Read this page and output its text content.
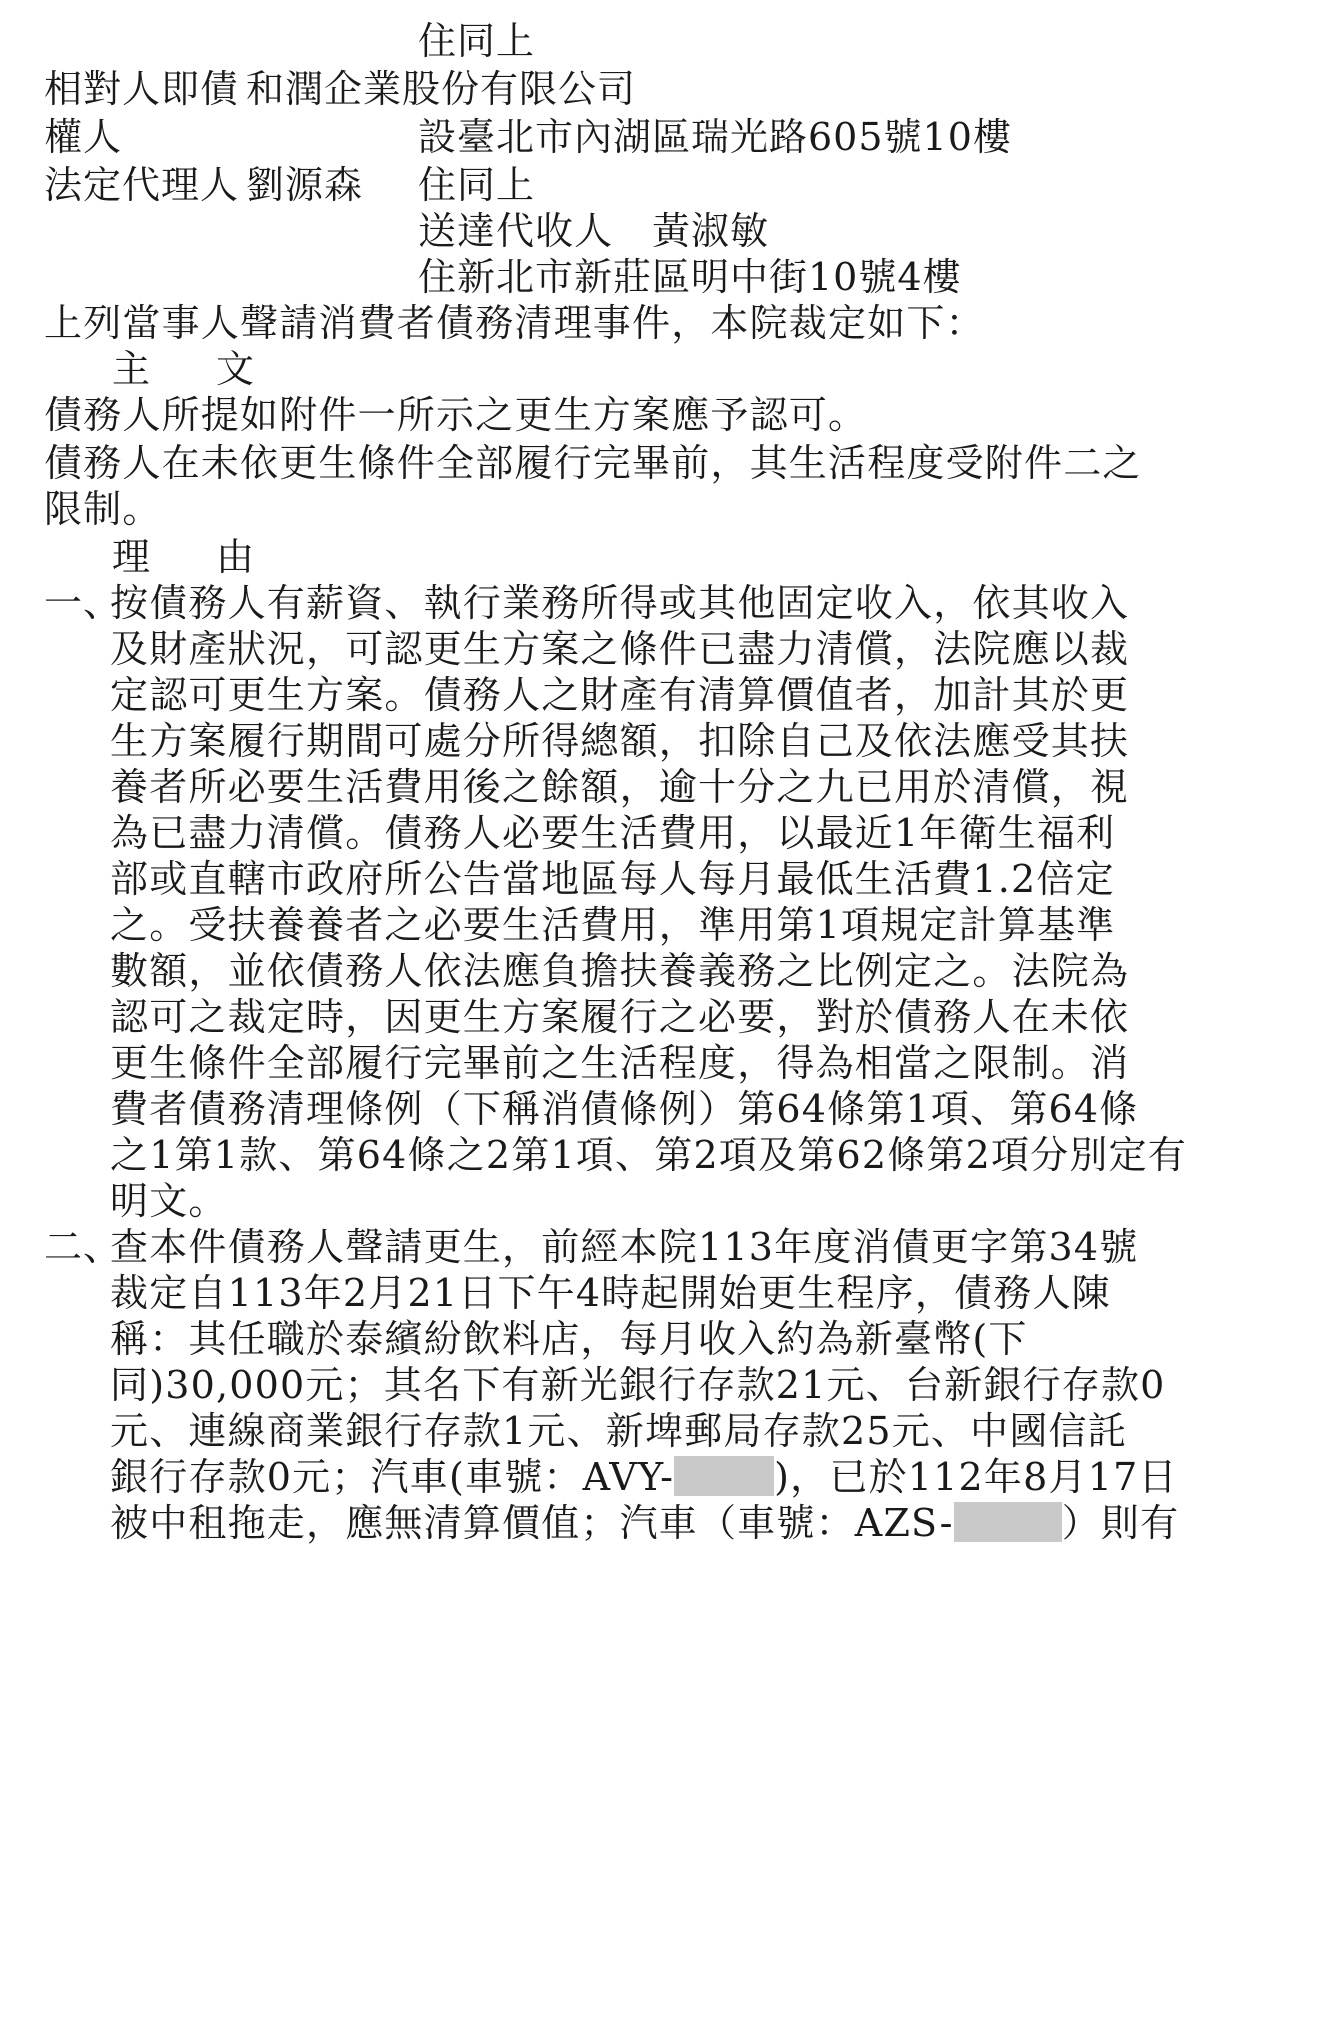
住同上
相對人即債 和潤企業股份有限公司
權人	設臺北市內湖區瑞光路605號10樓
法定代理人 劉源森 住同上
送達代收人　黃淑敏
住新北市新莊區明中街10號4樓
上列當事人聲請消費者債務清理事件，本院裁定如下：
主　文
債務人所提如附件一所示之更生方案應予認可。
債務人在未依更生條件全部履行完畢前，其生活程度受附件二之
限制。
理　由
一、
按債務人有薪資、執行業務所得或其他固定收入，依其收入
及財產狀況，可認更生方案之條件已盡力清償，法院應以裁
定認可更生方案。債務人之財產有清算價值者，加計其於更
生方案履行期間可處分所得總額，扣除自己及依法應受其扶
養者所必要生活費用後之餘額，逾十分之九已用於清償，視
為已盡力清償。債務人必要生活費用，以最近1年衛生福利
部或直轄市政府所公告當地區每人每月最低生活費1.2倍定
之。受扶養養者之必要生活費用，準用第1項規定計算基準
數額，並依債務人依法應負擔扶養義務之比例定之。法院為
認可之裁定時，因更生方案履行之必要，對於債務人在未依
更生條件全部履行完畢前之生活程度，得為相當之限制。消
費者債務清理條例（下稱消債條例）第64條第1項、第64條
之1第1款、第64條之2第1項、第2項及第62條第2項分別定有
明文。
二、
查本件債務人聲請更生，前經本院113年度消債更字第34號
裁定自113年2月21日下午4時起開始更生程序，債務人陳
稱：其任職於泰繽紛飲料店，每月收入約為新臺幣(下
同)30,000元；其名下有新光銀行存款21元、台新銀行存款0
元、連線商業銀行存款1元、新埤郵局存款25元、中國信託
銀行存款0元；汽車(車號：AVY-	)，已於112年8月17日
被中租拖走，應無清算價值；汽車（車號：AZS-	）則有
